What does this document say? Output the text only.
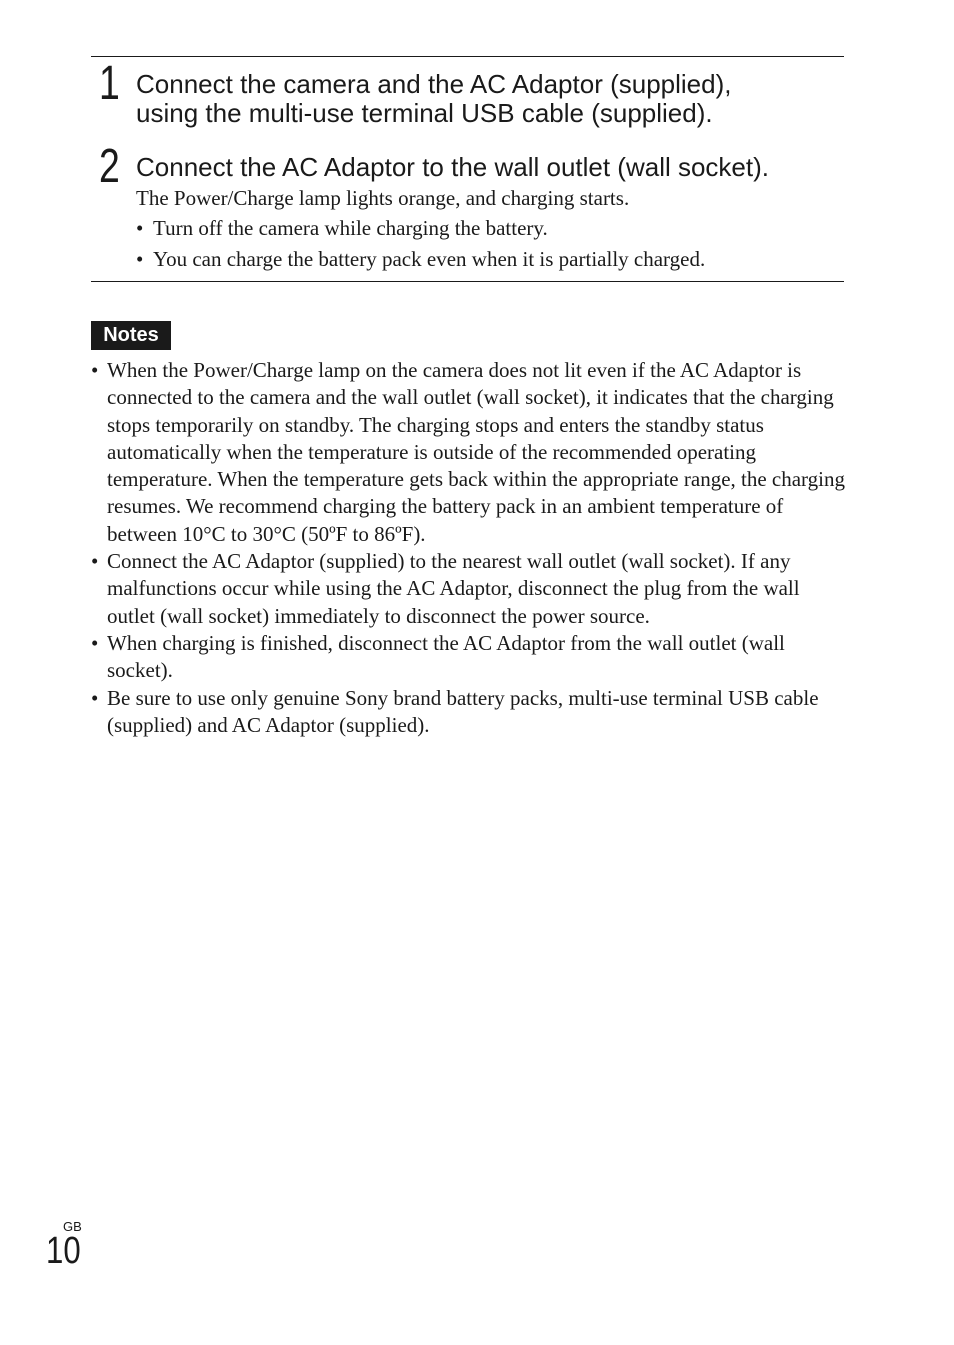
1 Connect the camera and the AC Adaptor (supplied),
using the multi-use terminal USB cable (supplied).
2 Connect the AC Adaptor to the wall outlet (wall socket).
The Power/Charge lamp lights orange, and charging starts.
• Turn off the camera while charging the battery.
• You can charge the battery pack even when it is partially charged.
Notes
• When the Power/Charge lamp on the camera does not lit even if the AC Adaptor is connected to the camera and the wall outlet (wall socket), it indicates that the charging stops temporarily on standby. The charging stops and enters the standby status automatically when the temperature is outside of the recommended operating temperature. When the temperature gets back within the appropriate range, the charging resumes. We recommend charging the battery pack in an ambient temperature of between 10°C to 30°C (50ºF to 86ºF).
• Connect the AC Adaptor (supplied) to the nearest wall outlet (wall socket). If any malfunctions occur while using the AC Adaptor, disconnect the plug from the wall outlet (wall socket) immediately to disconnect the power source.
• When charging is finished, disconnect the AC Adaptor from the wall outlet (wall socket).
• Be sure to use only genuine Sony brand battery packs, multi-use terminal USB cable (supplied) and AC Adaptor (supplied).
GB
10
